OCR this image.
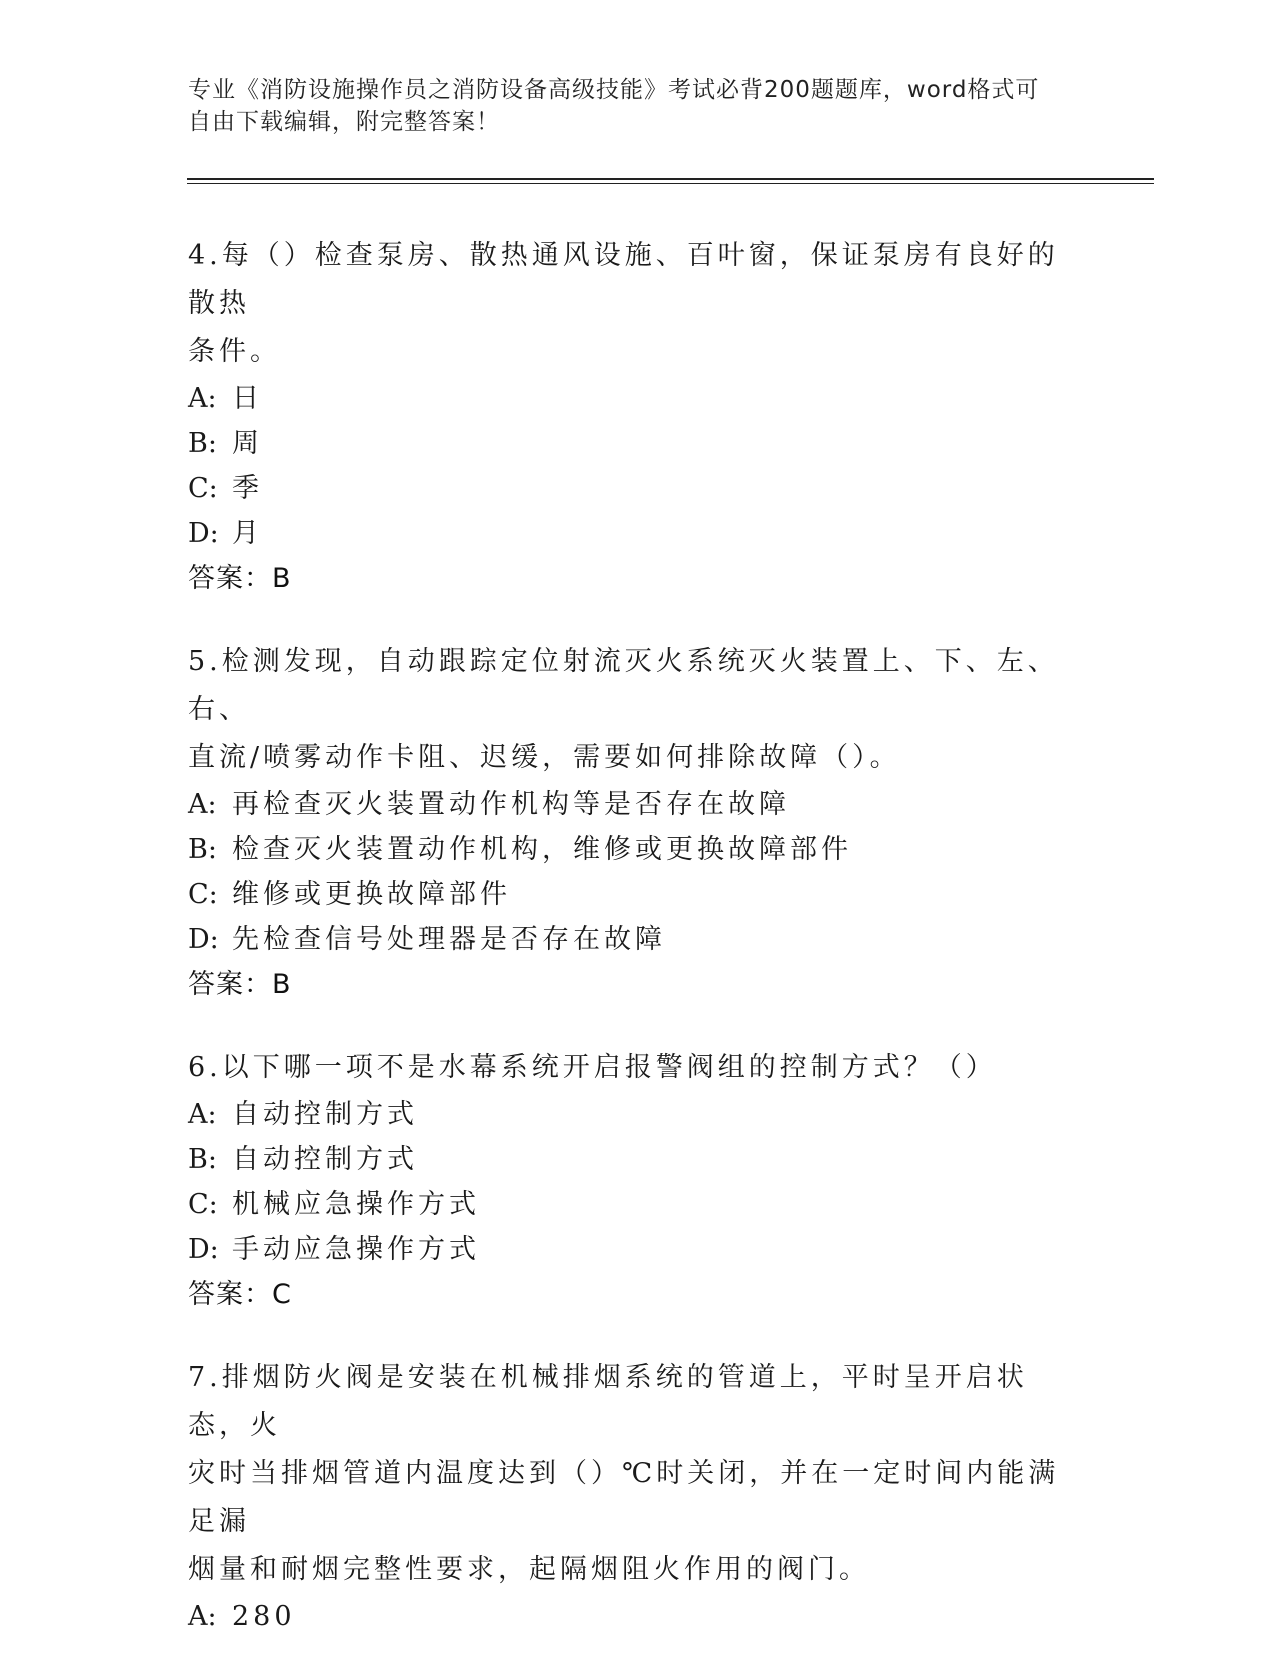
专业《消防设施操作员之消防设备高级技能》考试必背200题题库，word格式可
自由下载编辑，附完整答案！

4.每（）检查泵房、散热通风设施、百叶窗，保证泵房有良好的散热
条件。

A: 日

B: 周

C: 季

D: 月

答案：B

5.检测发现，自动跟踪定位射流灭火系统灭火装置上、下、左、右、
直流/喷雾动作卡阻、迟缓，需要如何排除故障（）。

A: 再检查灭火装置动作机构等是否存在故障

B: 检查灭火装置动作机构，维修或更换故障部件

C: 维修或更换故障部件

D: 先检查信号处理器是否存在故障

答案：B

6.以下哪一项不是水幕系统开启报警阀组的控制方式？（）

A: 自动控制方式

B: 自动控制方式

C: 机械应急操作方式

D: 手动应急操作方式

答案：C

7.排烟防火阀是安装在机械排烟系统的管道上，平时呈开启状态，火
灾时当排烟管道内温度达到（）℃时关闭，并在一定时间内能满足漏
烟量和耐烟完整性要求，起隔烟阻火作用的阀门。

A: 280
